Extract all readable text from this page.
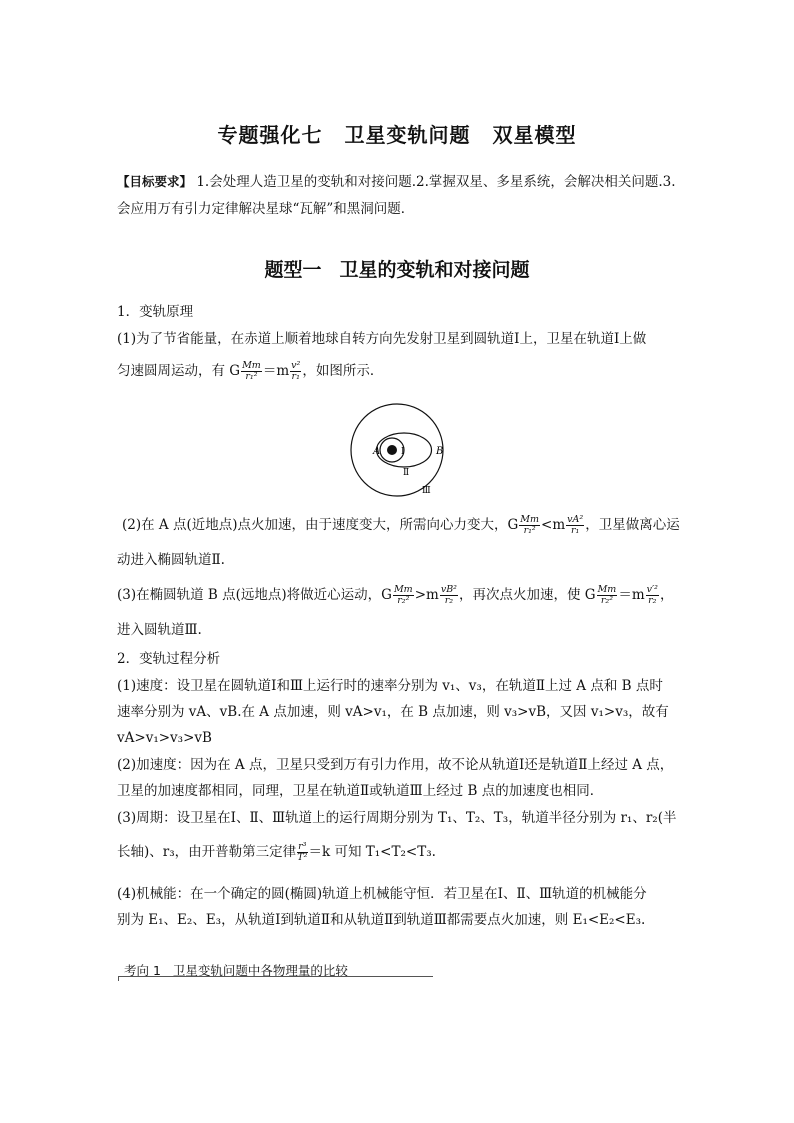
专题强化七 卫星变轨问题 双星模型
【目标要求】 1.会处理人造卫星的变轨和对接问题.2.掌握双星、多星系统，会解决相关问题.3.
会应用万有引力定律解决星球“瓦解”和黑洞问题．
题型一 卫星的变轨和对接问题
1．变轨原理
(1)为了节省能量，在赤道上顺着地球自转方向先发射卫星到圆轨道Ⅰ上，卫星在轨道Ⅰ上做
匀速圆周运动，有 G $\frac{Mm}{\text{r₁²}} =m \frac{\text{v²}}{\text{r₁}}$ ，如图所示．
A	B
Ⅰ
Ⅱ
Ⅲ
(2)在 A 点(近地点)点火加速，由于速度变大，所需向心力变大，G $\frac{Mm}{\text{r₁²}} <m \frac{\text{vA²}}{\text{r₁}}$ ，卫星做离心运
动进入椭圆轨道Ⅱ.
(3)在椭圆轨道 B 点(远地点)将做近心运动，G $\frac{Mm}{\text{r₂²}} >m \frac{\text{vB²}}{\text{r₂}}$ ，再次点火加速，使 G $\frac{Mm}{\text{r₂²}} =m \frac{\text{v′²}}{\text{r₂}}$ ，
进入圆轨道Ⅲ.
2．变轨过程分析
(1)速度：设卫星在圆轨道Ⅰ和Ⅲ上运行时的速率分别为 v₁、v₃，在轨道Ⅱ上过 A 点和 B 点时
速率分别为 vA、vB.在 A 点加速，则 vA>v₁，在 B 点加速，则 v₃>vB，又因 v₁>v₃，故有
vA>v₁>v₃>vB
(2)加速度：因为在 A 点，卫星只受到万有引力作用，故不论从轨道Ⅰ还是轨道Ⅱ上经过 A 点，
卫星的加速度都相同，同理，卫星在轨道Ⅱ或轨道Ⅲ上经过 B 点的加速度也相同．
(3)周期：设卫星在Ⅰ、Ⅱ、Ⅲ轨道上的运行周期分别为 T₁、T₂、T₃，轨道半径分别为 r₁、r₂(半
长轴)、r₃，由开普勒第三定律 $\frac{\text{r³}}{\text{T²}} =k$ 可知 T₁<T₂<T₃.
(4)机械能：在一个确定的圆(椭圆)轨道上机械能守恒．若卫星在Ⅰ、Ⅱ、Ⅲ轨道的机械能分
别为 E₁、E₂、E₃，从轨道Ⅰ到轨道Ⅱ和从轨道Ⅱ到轨道Ⅲ都需要点火加速，则 E₁<E₂<E₃.
考向 1 卫星变轨问题中各物理量的比较
